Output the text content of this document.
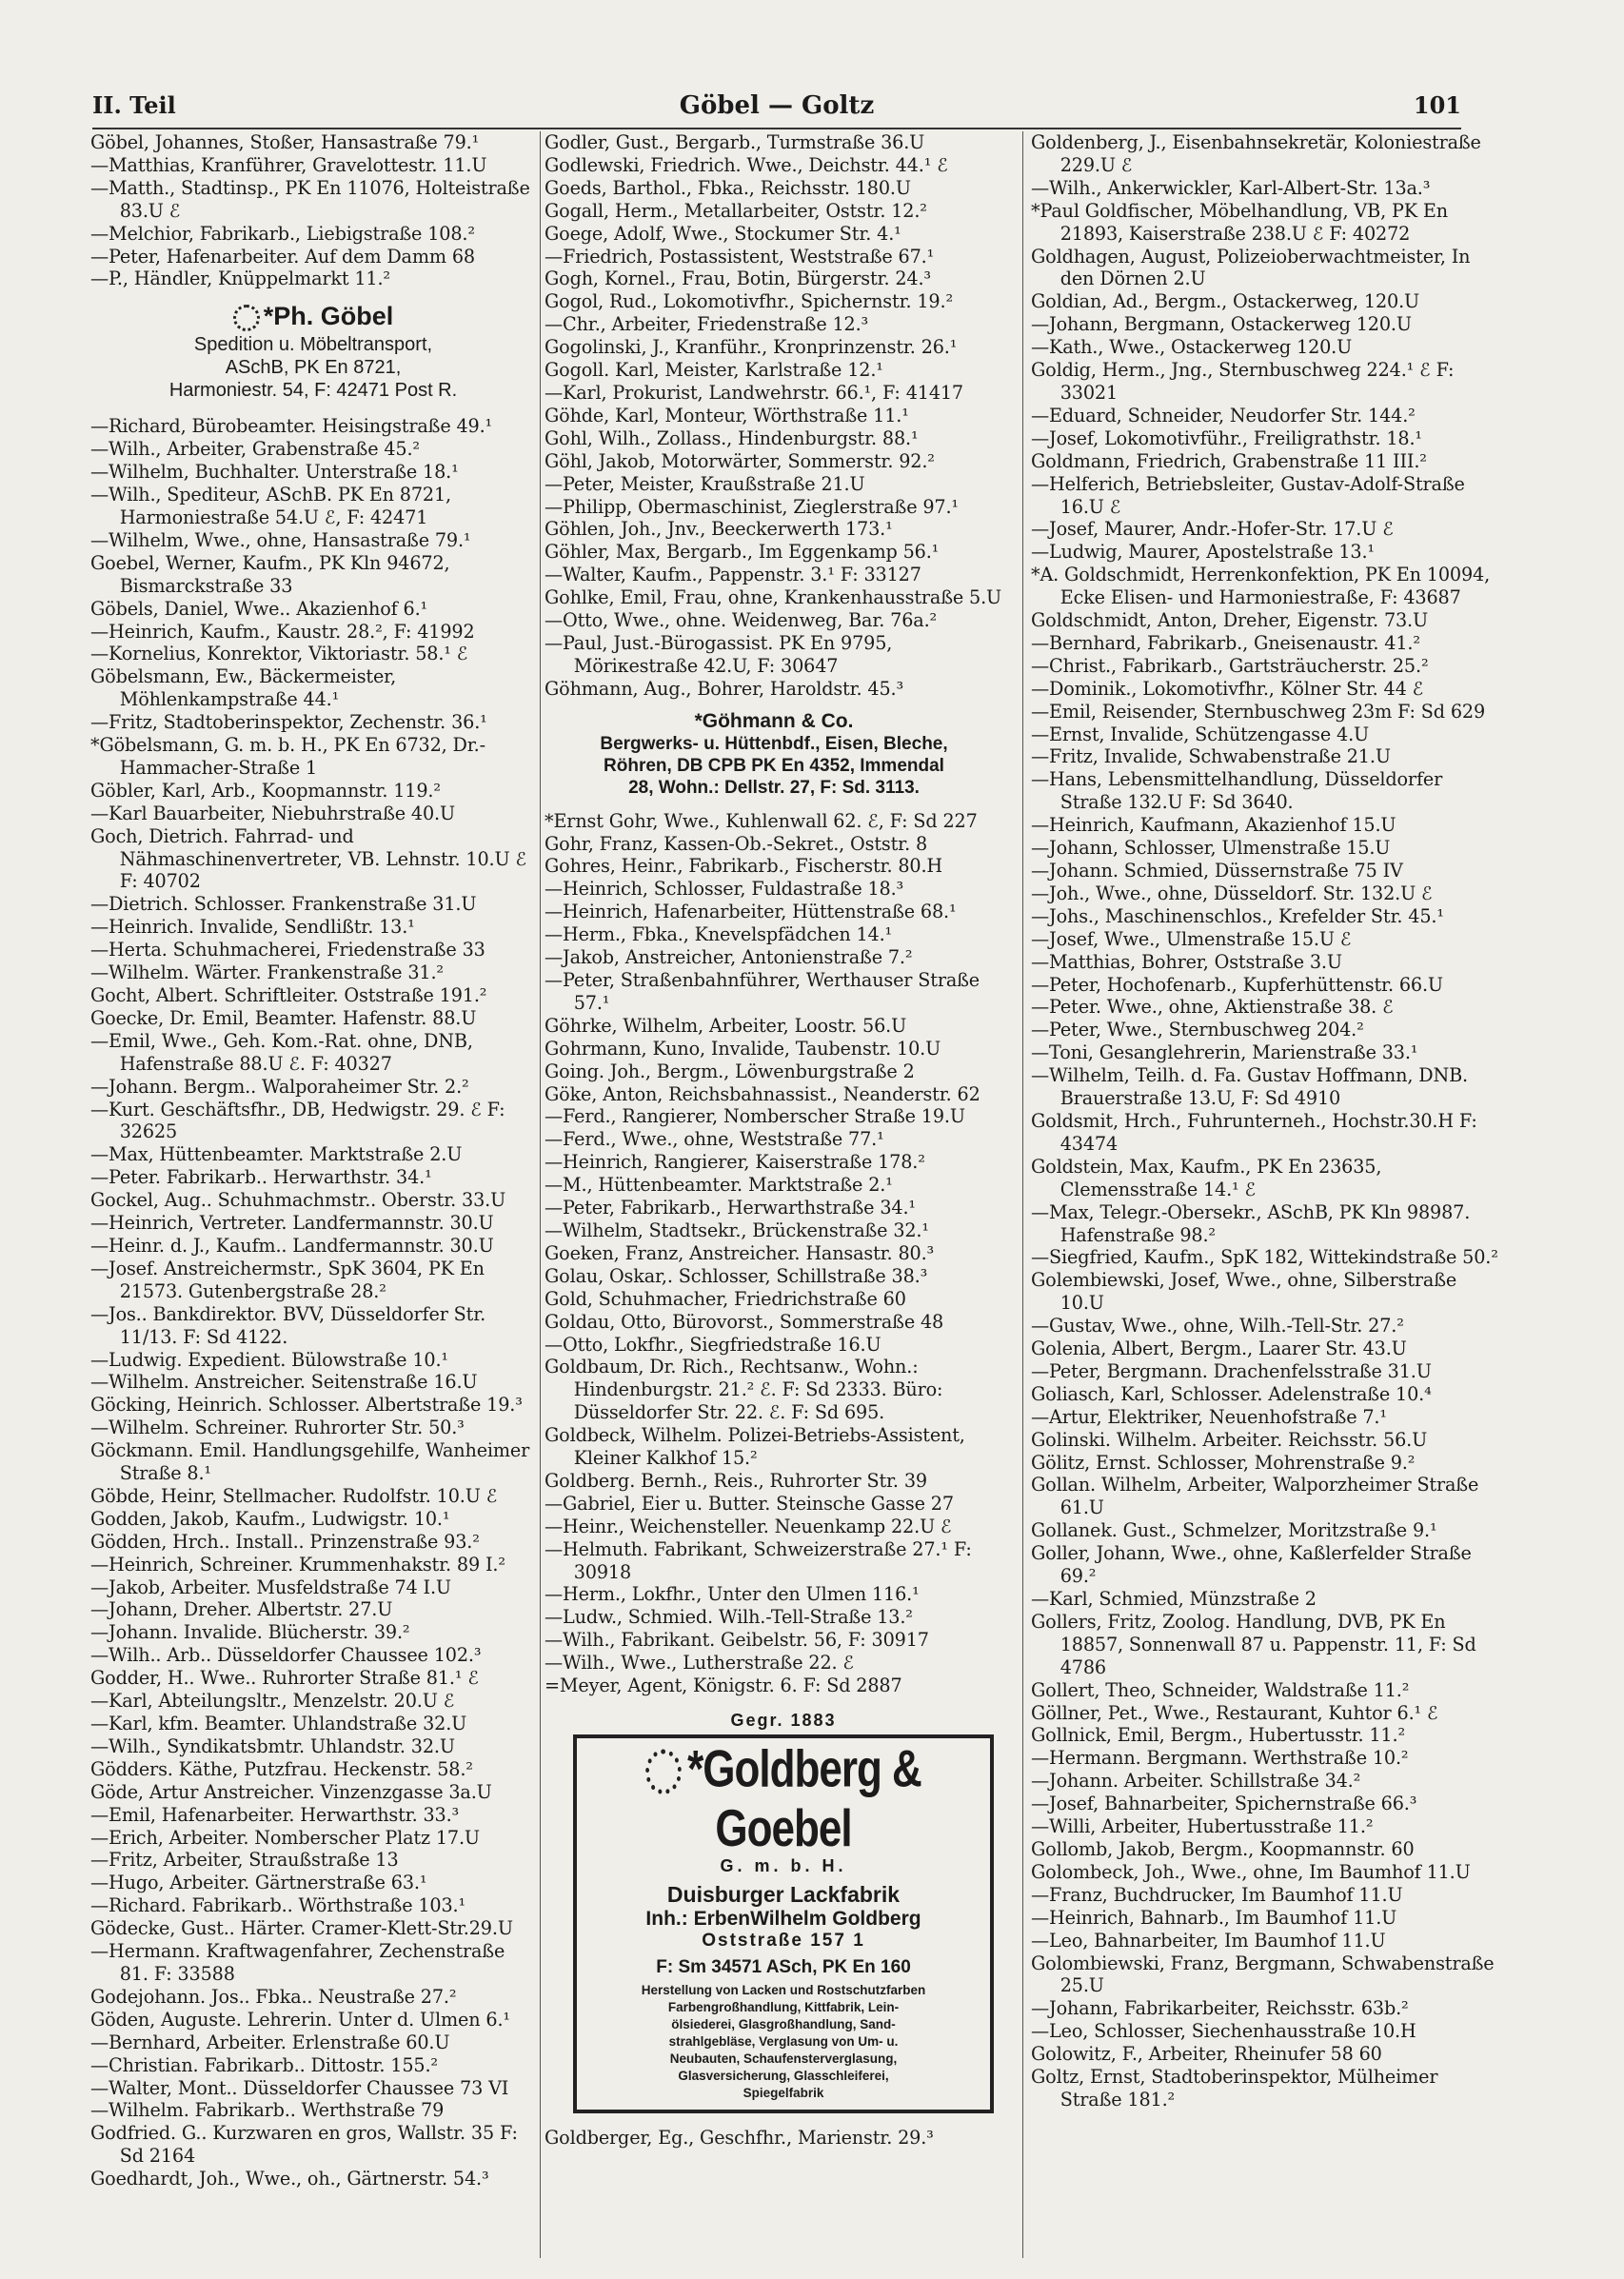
II. Teil	Göbel — Goltz	101
Göbel, Johannes, Stoßer, Hansastraße 79.¹
—Matthias, Kranführer, Gravelottestr. 11.U
—Matth., Stadtinsp., PK En 11076, Holteistraße 83.U ℰ
—Melchior, Fabrikarb., Liebigstraße 108.²
—Peter, Hafenarbeiter. Auf dem Damm 68
—P., Händler, Knüppelmarkt 11.²
*Ph. Göbel
Spedition u. Möbeltransport,
ASchB, PK En 8721,
Harmoniestr. 54, F: 42471 Post R.
—Richard, Bürobeamter. Heisingstraße 49.¹
—Wilh., Arbeiter, Grabenstraße 45.²
—Wilhelm, Buchhalter. Unterstraße 18.¹
—Wilh., Spediteur, ASchB. PK En 8721, Harmoniestraße 54.U ℰ, F: 42471
—Wilhelm, Wwe., ohne, Hansastraße 79.¹
Goebel, Werner, Kaufm., PK Kln 94672, Bismarckstraße 33
Göbels, Daniel, Wwe.. Akazienhof 6.¹
—Heinrich, Kaufm., Kaustr. 28.², F: 41992
—Kornelius, Konrektor, Viktoriastr. 58.¹ ℰ
Göbelsmann, Ew., Bäckermeister, Möhlenkampstraße 44.¹
—Fritz, Stadtoberinspektor, Zechenstr. 36.¹
*Göbelsmann, G. m. b. H., PK En 6732, Dr.-Hammacher-Straße 1
Göbler, Karl, Arb., Koopmannstr. 119.²
—Karl Bauarbeiter, Niebuhrstraße 40.U
Goch, Dietrich. Fahrrad- und Nähmaschinenvertreter, VB. Lehnstr. 10.U ℰ F: 40702
—Dietrich. Schlosser. Frankenstraße 31.U
—Heinrich. Invalide, Sendlißtr. 13.¹
—Herta. Schuhmacherei, Friedenstraße 33
—Wilhelm. Wärter. Frankenstraße 31.²
Gocht, Albert. Schriftleiter. Oststraße 191.²
Goecke, Dr. Emil, Beamter. Hafenstr. 88.U
—Emil, Wwe., Geh. Kom.-Rat. ohne, DNB, Hafenstraße 88.U ℰ. F: 40327
—Johann. Bergm.. Walporaheimer Str. 2.²
—Kurt. Geschäftsfhr., DB, Hedwigstr. 29. ℰ F: 32625
—Max, Hüttenbeamter. Marktstraße 2.U
—Peter. Fabrikarb.. Herwarthstr. 34.¹
Gockel, Aug.. Schuhmachmstr.. Oberstr. 33.U
—Heinrich, Vertreter. Landfermannstr. 30.U
—Heinr. d. J., Kaufm.. Landfermannstr. 30.U
—Josef. Anstreichermstr., SpK 3604, PK En 21573. Gutenbergstraße 28.²
—Jos.. Bankdirektor. BVV, Düsseldorfer Str. 11/13. F: Sd 4122.
—Ludwig. Expedient. Bülowstraße 10.¹
—Wilhelm. Anstreicher. Seitenstraße 16.U
Göcking, Heinrich. Schlosser. Albertstraße 19.³
—Wilhelm. Schreiner. Ruhrorter Str. 50.³
Göckmann. Emil. Handlungsgehilfe, Wanheimer Straße 8.¹
Göbde, Heinr, Stellmacher. Rudolfstr. 10.U ℰ
Godden, Jakob, Kaufm., Ludwigstr. 10.¹
Gödden, Hrch.. Install.. Prinzenstraße 93.²
—Heinrich, Schreiner. Krummenhakstr. 89 I.²
—Jakob, Arbeiter. Musfeldstraße 74 I.U
—Johann, Dreher. Albertstr. 27.U
—Johann. Invalide. Blücherstr. 39.²
—Wilh.. Arb.. Düsseldorfer Chaussee 102.³
Godder, H.. Wwe.. Ruhrorter Straße 81.¹ ℰ
—Karl, Abteilungsltr., Menzelstr. 20.U ℰ
—Karl, kfm. Beamter. Uhlandstraße 32.U
—Wilh., Syndikatsbmtr. Uhlandstr. 32.U
Gödders. Käthe, Putzfrau. Heckenstr. 58.²
Göde, Artur Anstreicher. Vinzenzgasse 3a.U
—Emil, Hafenarbeiter. Herwarthstr. 33.³
—Erich, Arbeiter. Nomberscher Platz 17.U
—Fritz, Arbeiter, Straußstraße 13
—Hugo, Arbeiter. Gärtnerstraße 63.¹
—Richard. Fabrikarb.. Wörthstraße 103.¹
Gödecke, Gust.. Härter. Cramer-Klett-Str.29.U
—Hermann. Kraftwagenfahrer, Zechenstraße 81. F: 33588
Godejohann. Jos.. Fbka.. Neustraße 27.²
Göden, Auguste. Lehrerin. Unter d. Ulmen 6.¹
—Bernhard, Arbeiter. Erlenstraße 60.U
—Christian. Fabrikarb.. Dittostr. 155.²
—Walter, Mont.. Düsseldorfer Chaussee 73 VI
—Wilhelm. Fabrikarb.. Werthstraße 79
Godfried. G.. Kurzwaren en gros, Wallstr. 35 F: Sd 2164
Goedhardt, Joh., Wwe., oh., Gärtnerstr. 54.³
Godler, Gust., Bergarb., Turmstraße 36.U
Godlewski, Friedrich. Wwe., Deichstr. 44.¹ ℰ
Goeds, Barthol., Fbka., Reichsstr. 180.U
Gogall, Herm., Metallarbeiter, Oststr. 12.²
Goege, Adolf, Wwe., Stockumer Str. 4.¹
—Friedrich, Postassistent, Weststraße 67.¹
Gogh, Kornel., Frau, Botin, Bürgerstr. 24.³
Gogol, Rud., Lokomotivfhr., Spichernstr. 19.²
—Chr., Arbeiter, Friedenstraße 12.³
Gogolinski, J., Kranführ., Kronprinzenstr. 26.¹
Gogoll. Karl, Meister, Karlstraße 12.¹
—Karl, Prokurist, Landwehrstr. 66.¹, F: 41417
Göhde, Karl, Monteur, Wörthstraße 11.¹
Gohl, Wilh., Zollass., Hindenburgstr. 88.¹
Göhl, Jakob, Motorwärter, Sommerstr. 92.²
—Peter, Meister, Kraußstraße 21.U
—Philipp, Obermaschinist, Zieglerstraße 97.¹
Göhlen, Joh., Jnv., Beeckerwerth 173.¹
Göhler, Max, Bergarb., Im Eggenkamp 56.¹
—Walter, Kaufm., Pappenstr. 3.¹ F: 33127
Gohlke, Emil, Frau, ohne, Krankenhausstraße 5.U
—Otto, Wwe., ohne. Weidenweg, Bar. 76a.²
—Paul, Just.-Bürogassist. PK En 9795, Möriкestraße 42.U, F: 30647
Göhmann, Aug., Bohrer, Haroldstr. 45.³
*Göhmann & Co.
Bergwerks- u. Hüttenbdf., Eisen, Bleche,
Röhren, DB CPB PK En 4352, Immendal
28, Wohn.: Dellstr. 27, F: Sd. 3113.
*Ernst Gohr, Wwe., Kuhlenwall 62. ℰ, F: Sd 227
Gohr, Franz, Kassen-Ob.-Sekret., Oststr. 8
Gohres, Heinr., Fabrikarb., Fischerstr. 80.H
—Heinrich, Schlosser, Fuldastraße 18.³
—Heinrich, Hafenarbeiter, Hüttenstraße 68.¹
—Herm., Fbka., Knevelspfädchen 14.¹
—Jakob, Anstreicher, Antonienstraße 7.²
—Peter, Straßenbahnführer, Werthauser Straße 57.¹
Göhrke, Wilhelm, Arbeiter, Loostr. 56.U
Gohrmann, Kuno, Invalide, Taubenstr. 10.U
Going. Joh., Bergm., Löwenburgstraße 2
Göke, Anton, Reichsbahnassist., Neanderstr. 62
—Ferd., Rangierer, Nomberscher Straße 19.U
—Ferd., Wwe., ohne, Weststraße 77.¹
—Heinrich, Rangierer, Kaiserstraße 178.²
—M., Hüttenbeamter. Marktstraße 2.¹
—Peter, Fabrikarb., Herwarthstraße 34.¹
—Wilhelm, Stadtsekr., Brückenstraße 32.¹
Goeken, Franz, Anstreicher. Hansastr. 80.³
Golau, Oskar,. Schlosser, Schillstraße 38.³
Gold, Schuhmacher, Friedrichstraße 60
Goldau, Otto, Bürovorst., Sommerstraße 48
—Otto, Lokfhr., Siegfriedstraße 16.U
Goldbaum, Dr. Rich., Rechtsanw., Wohn.: Hindenburgstr. 21.² ℰ. F: Sd 2333. Büro: Düsseldorfer Str. 22. ℰ. F: Sd 695.
Goldbeck, Wilhelm. Polizei-Betriebs-Assistent, Kleiner Kalkhof 15.²
Goldberg. Bernh., Reis., Ruhrorter Str. 39
—Gabriel, Eier u. Butter. Steinsche Gasse 27
—Heinr., Weichensteller. Neuenkamp 22.U ℰ
—Helmuth. Fabrikant, Schweizerstraße 27.¹ F: 30918
—Herm., Lokfhr., Unter den Ulmen 116.¹
—Ludw., Schmied. Wilh.-Tell-Straße 13.²
—Wilh., Fabrikant. Geibelstr. 56, F: 30917
—Wilh., Wwe., Lutherstraße 22. ℰ
=Meyer, Agent, Königstr. 6. F: Sd 2887
Gegr. 1883
*Goldberg & Goebel
G. m. b. H.
Duisburger Lackfabrik
Inh.: ErbenWilhelm Goldberg
Oststraße 157 1
F: Sm 34571 ASch, PK En 160
Herstellung von Lacken und Rostschutzfarben
Farbengroßhandlung, Kittfabrik, Lein-
ölsiederei, Glasgroßhandlung, Sand-
strahlgebläse, Verglasung von Um- u.
Neubauten, Schaufensterverglasung,
Glasversicherung, Glasschleiferei,
Spiegelfabrik
Goldberger, Eg., Geschfhr., Marienstr. 29.³
Goldenberg, J., Eisenbahnsekretär, Koloniestraße 229.U ℰ
—Wilh., Ankerwickler, Karl-Albert-Str. 13a.³
*Paul Goldfischer, Möbelhandlung, VB, PK En 21893, Kaiserstraße 238.U ℰ F: 40272
Goldhagen, August, Polizeioberwachtmeister, In den Dörnen 2.U
Goldian, Ad., Bergm., Ostackerweg, 120.U
—Johann, Bergmann, Ostackerweg 120.U
—Kath., Wwe., Ostackerweg 120.U
Goldig, Herm., Jng., Sternbuschweg 224.¹ ℰ F: 33021
—Eduard, Schneider, Neudorfer Str. 144.²
—Josef, Lokomotivführ., Freiligrathstr. 18.¹
Goldmann, Friedrich, Grabenstraße 11 III.²
—Helferich, Betriebsleiter, Gustav-Adolf-Straße 16.U ℰ
—Josef, Maurer, Andr.-Hofer-Str. 17.U ℰ
—Ludwig, Maurer, Apostelstraße 13.¹
*A. Goldschmidt, Herrenkonfektion, PK En 10094, Ecke Elisen- und Harmoniestraße, F: 43687
Goldschmidt, Anton, Dreher, Eigenstr. 73.U
—Bernhard, Fabrikarb., Gneisenaustr. 41.²
—Christ., Fabrikarb., Gartsträucherstr. 25.²
—Dominik., Lokomotivfhr., Kölner Str. 44 ℰ
—Emil, Reisender, Sternbuschweg 23m F: Sd 629
—Ernst, Invalide, Schützengasse 4.U
—Fritz, Invalide, Schwabenstraße 21.U
—Hans, Lebensmittelhandlung, Düsseldorfer Straße 132.U F: Sd 3640.
—Heinrich, Kaufmann, Akazienhof 15.U
—Johann, Schlosser, Ulmenstraße 15.U
—Johann. Schmied, Düssernstraße 75 IV
—Joh., Wwe., ohne, Düsseldorf. Str. 132.U ℰ
—Johs., Maschinenschlos., Krefelder Str. 45.¹
—Josef, Wwe., Ulmenstraße 15.U ℰ
—Matthias, Bohrer, Oststraße 3.U
—Peter, Hochofenarb., Kupferhüttenstr. 66.U
—Peter. Wwe., ohne, Aktienstraße 38. ℰ
—Peter, Wwe., Sternbuschweg 204.²
—Toni, Gesanglehrerin, Marienstraße 33.¹
—Wilhelm, Teilh. d. Fa. Gustav Hoffmann, DNB. Brauerstraße 13.U, F: Sd 4910
Goldsmit, Hrch., Fuhrunterneh., Hochstr.30.H F: 43474
Goldstein, Max, Kaufm., PK En 23635, Clemensstraße 14.¹ ℰ
—Max, Telegr.-Obersekr., ASchB, PK Kln 98987. Hafenstraße 98.²
—Siegfried, Kaufm., SpK 182, Wittekindstraße 50.²
Golembiewski, Josef, Wwe., ohne, Silberstraße 10.U
—Gustav, Wwe., ohne, Wilh.-Tell-Str. 27.²
Golenia, Albert, Bergm., Laarer Str. 43.U
—Peter, Bergmann. Drachenfelsstraße 31.U
Goliasch, Karl, Schlosser. Adelenstraße 10.⁴
—Artur, Elektriker, Neuenhofstraße 7.¹
Golinski. Wilhelm. Arbeiter. Reichsstr. 56.U
Gölitz, Ernst. Schlosser, Mohrenstraße 9.²
Gollan. Wilhelm, Arbeiter, Walporzheimer Straße 61.U
Gollanek. Gust., Schmelzer, Moritzstraße 9.¹
Goller, Johann, Wwe., ohne, Kaßlerfelder Straße 69.²
—Karl, Schmied, Münzstraße 2
Gollers, Fritz, Zoolog. Handlung, DVB, PK En 18857, Sonnenwall 87 u. Pappenstr. 11, F: Sd 4786
Gollert, Theo, Schneider, Waldstraße 11.²
Göllner, Pet., Wwe., Restaurant, Kuhtor 6.¹ ℰ
Gollnick, Emil, Bergm., Hubertusstr. 11.²
—Hermann. Bergmann. Werthstraße 10.²
—Johann. Arbeiter. Schillstraße 34.²
—Josef, Bahnarbeiter, Spichernstraße 66.³
—Willi, Arbeiter, Hubertusstraße 11.²
Gollomb, Jakob, Bergm., Koopmannstr. 60
Golombeck, Joh., Wwe., ohne, Im Baumhof 11.U
—Franz, Buchdrucker, Im Baumhof 11.U
—Heinrich, Bahnarb., Im Baumhof 11.U
—Leo, Bahnarbeiter, Im Baumhof 11.U
Golombiewski, Franz, Bergmann, Schwabenstraße 25.U
—Johann, Fabrikarbeiter, Reichsstr. 63b.²
—Leo, Schlosser, Siechenhausstraße 10.H
Golowitz, F., Arbeiter, Rheinufer 58 60
Goltz, Ernst, Stadtoberinspektor, Mülheimer Straße 181.²
